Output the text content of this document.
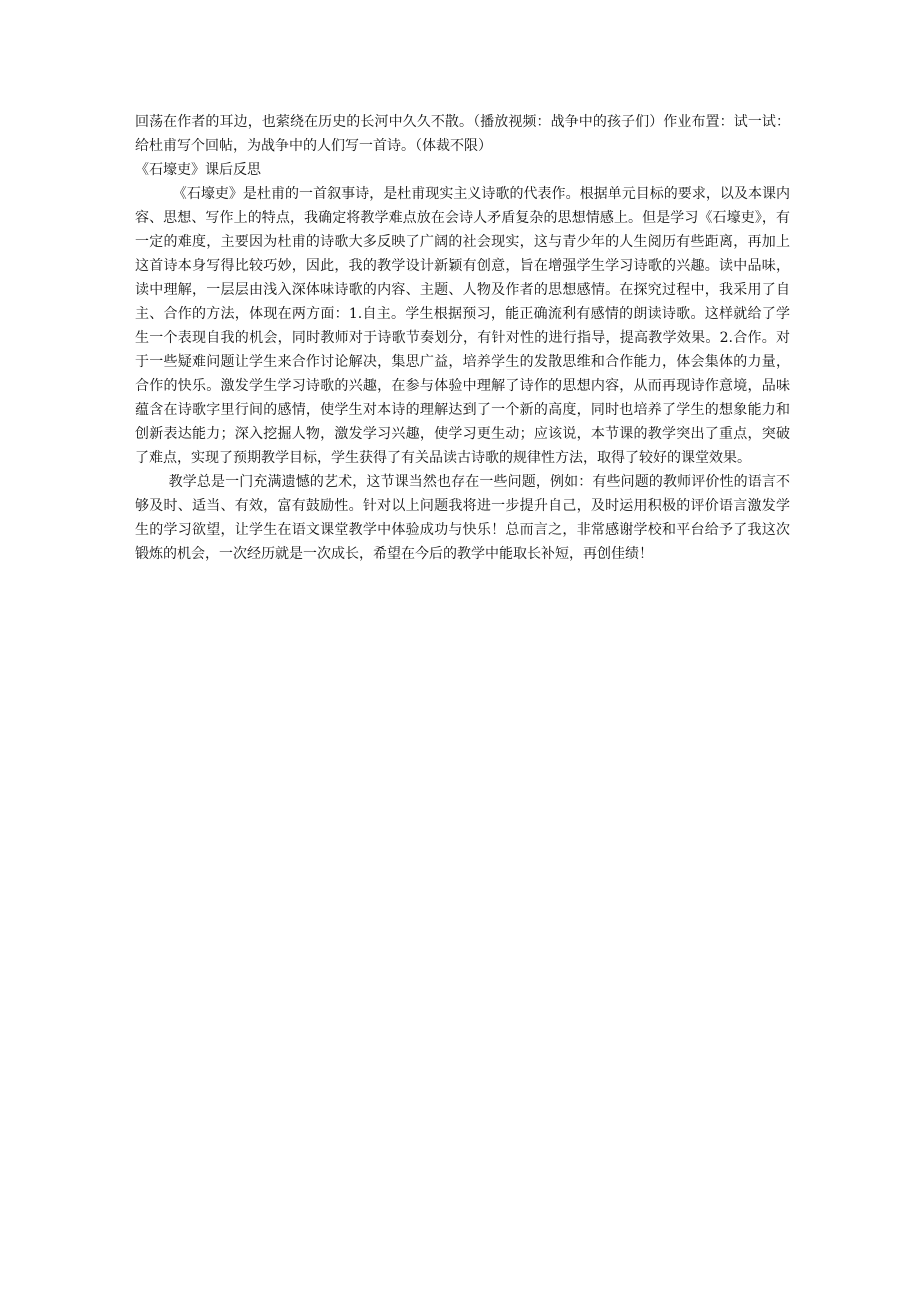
回荡在作者的耳边，也萦绕在历史的长河中久久不散。（播放视频：战争中的孩子们）作业布置：试一试：给杜甫写个回帖，为战争中的人们写一首诗。（体裁不限）

《石壕吏》课后反思

《石壕吏》是杜甫的一首叙事诗，是杜甫现实主义诗歌的代表作。根据单元目标的要求，以及本课内容、思想、写作上的特点，我确定将教学难点放在会诗人矛盾复杂的思想情感上。但是学习《石壕吏》，有一定的难度，主要因为杜甫的诗歌大多反映了广阔的社会现实，这与青少年的人生阅历有些距离，再加上这首诗本身写得比较巧妙，因此，我的教学设计新颖有创意，旨在增强学生学习诗歌的兴趣。读中品味，读中理解，一层层由浅入深体味诗歌的内容、主题、人物及作者的思想感情。在探究过程中，我采用了自主、合作的方法，体现在两方面：1.自主。学生根据预习，能正确流利有感情的朗读诗歌。这样就给了学生一个表现自我的机会，同时教师对于诗歌节奏划分，有针对性的进行指导，提高教学效果。2.合作。对于一些疑难问题让学生来合作讨论解决，集思广益，培养学生的发散思维和合作能力，体会集体的力量，合作的快乐。激发学生学习诗歌的兴趣，在参与体验中理解了诗作的思想内容，从而再现诗作意境，品味蕴含在诗歌字里行间的感情，使学生对本诗的理解达到了一个新的高度，同时也培养了学生的想象能力和创新表达能力；深入挖掘人物，激发学习兴趣，使学习更生动；应该说，本节课的教学突出了重点，突破了难点，实现了预期教学目标，学生获得了有关品读古诗歌的规律性方法，取得了较好的课堂效果。

教学总是一门充满遗憾的艺术，这节课当然也存在一些问题，例如：有些问题的教师评价性的语言不够及时、适当、有效，富有鼓励性。针对以上问题我将进一步提升自己，及时运用积极的评价语言激发学生的学习欲望，让学生在语文课堂教学中体验成功与快乐！总而言之，非常感谢学校和平台给予了我这次锻炼的机会，一次经历就是一次成长，希望在今后的教学中能取长补短，再创佳绩！
